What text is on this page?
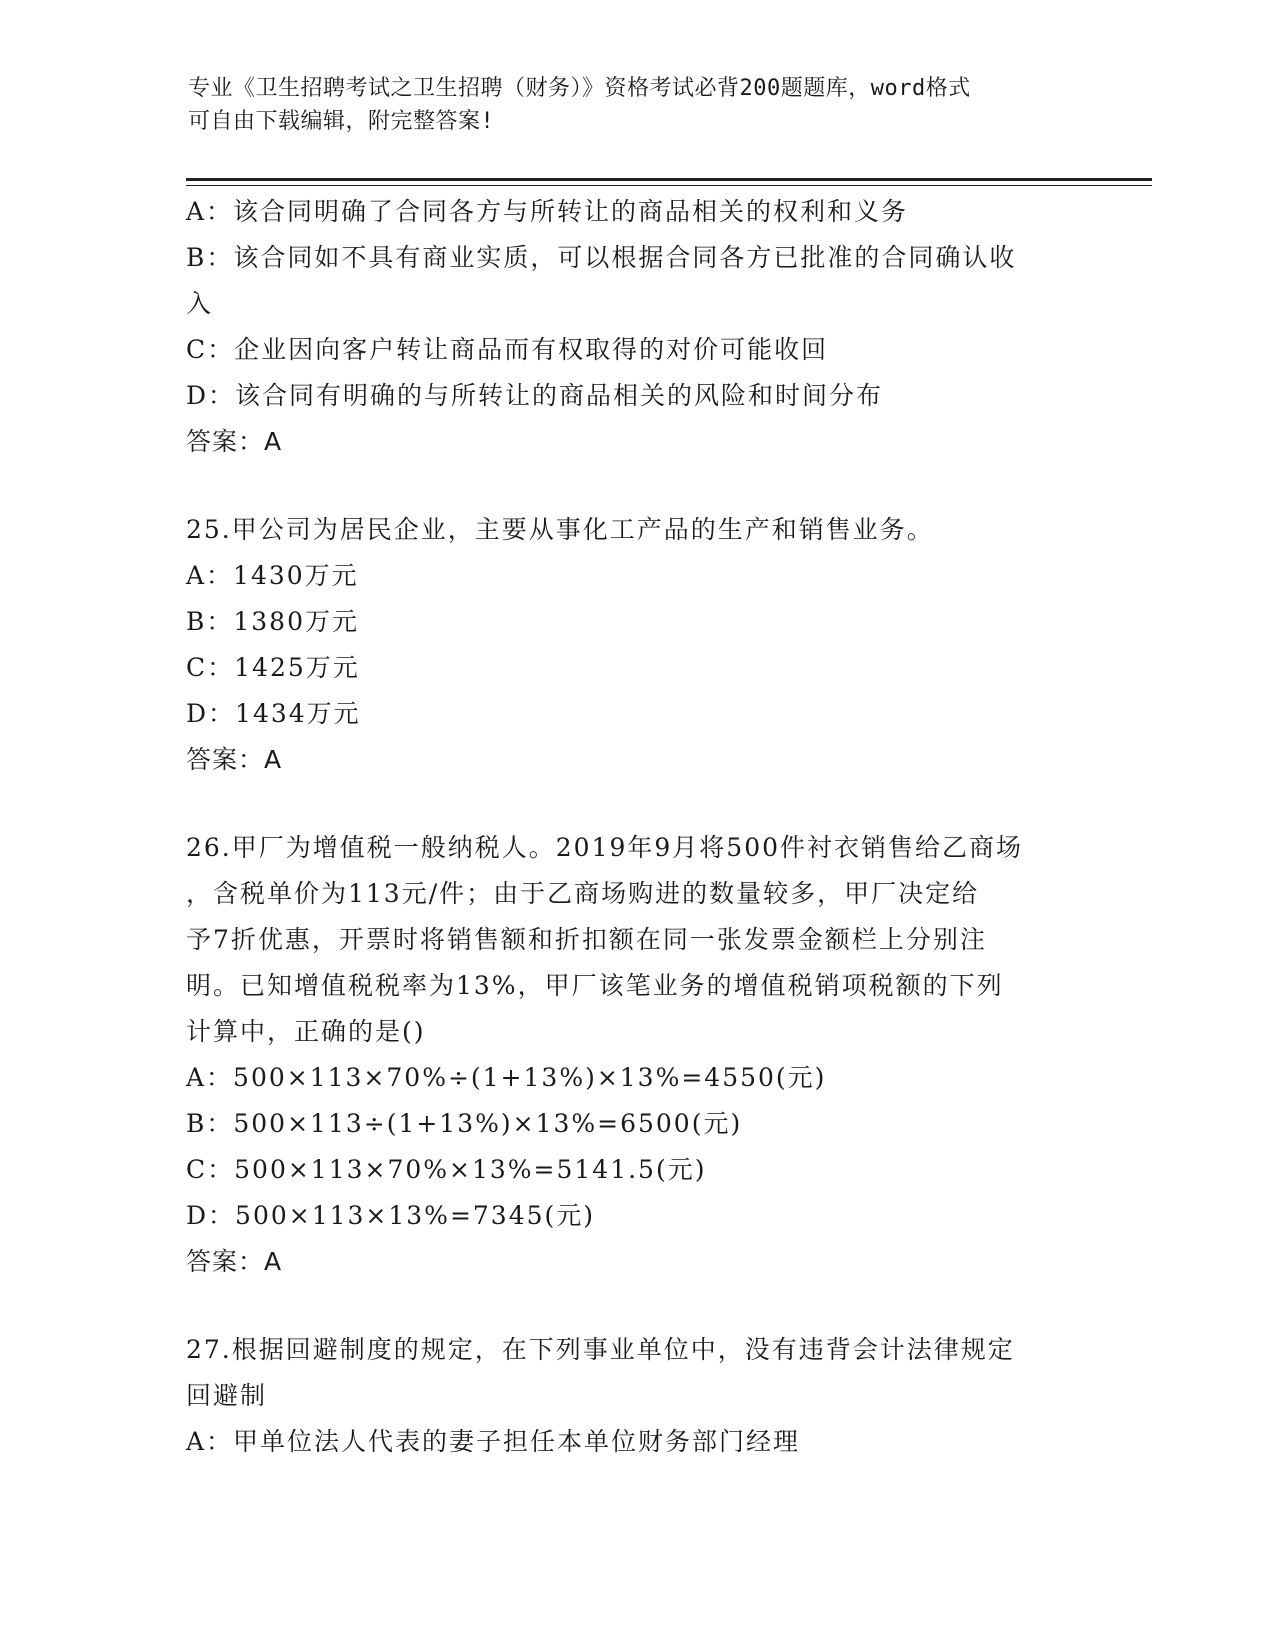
专业《卫生招聘考试之卫生招聘（财务）》资格考试必背200题题库，word格式
可自由下载编辑，附完整答案!
A：该合同明确了合同各方与所转让的商品相关的权利和义务
B：该合同如不具有商业实质，可以根据合同各方已批准的合同确认收
入
C：企业因向客户转让商品而有权取得的对价可能收回
D：该合同有明确的与所转让的商品相关的风险和时间分布
答案：A
25.甲公司为居民企业，主要从事化工产品的生产和销售业务。
A：1430万元
B：1380万元
C：1425万元
D：1434万元
答案：A
26.甲厂为增值税一般纳税人。2019年9月将500件衬衣销售给乙商场
，含税单价为113元/件；由于乙商场购进的数量较多，甲厂决定给
予7折优惠，开票时将销售额和折扣额在同一张发票金额栏上分别注
明。已知增值税税率为13%，甲厂该笔业务的增值税销项税额的下列
计算中，正确的是()
A：500×113×70%÷(1+13%)×13%=4550(元)
B：500×113÷(1+13%)×13%=6500(元)
C：500×113×70%×13%=5141.5(元)
D：500×113×13%=7345(元)
答案：A
27.根据回避制度的规定，在下列事业单位中，没有违背会计法律规定
回避制
A：甲单位法人代表的妻子担任本单位财务部门经理
